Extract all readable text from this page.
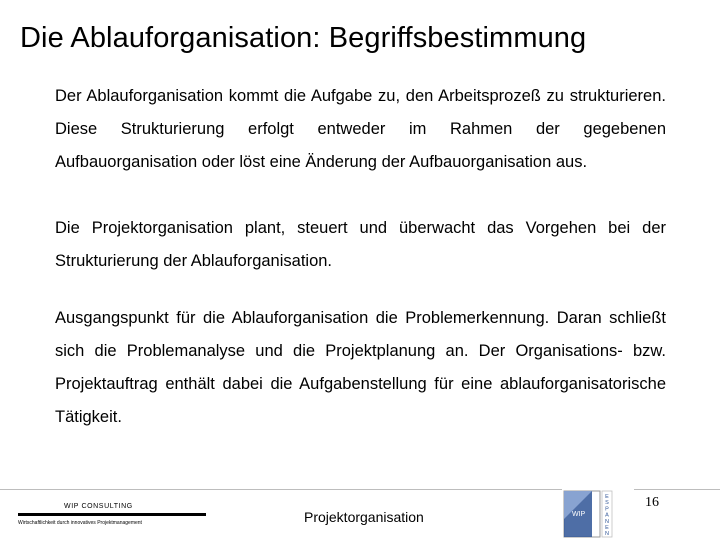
Die Ablauforganisation: Begriffsbestimmung
Der Ablauforganisation kommt die Aufgabe zu, den Arbeitsprozeß zu strukturieren. Diese Strukturierung erfolgt entweder im Rahmen der gegebenen Aufbauorganisation oder löst eine Änderung der Aufbauorganisation aus.
Die Projektorganisation plant, steuert und überwacht das Vorgehen bei der Strukturierung der Ablauforganisation.
Ausgangspunkt für die Ablauforganisation die Problemerkennung. Daran schließt sich die Problemanalyse und die Projektplanung an. Der Organisations- bzw. Projektauftrag enthält dabei die Aufgabenstellung für eine ablauforganisatorische Tätigkeit.
WIP CONSULTING
Wirtschaftlichkeit durch innovatives Projektmanagement	Projektorganisation	WIP
E
S
P
A
N
E
N
16
